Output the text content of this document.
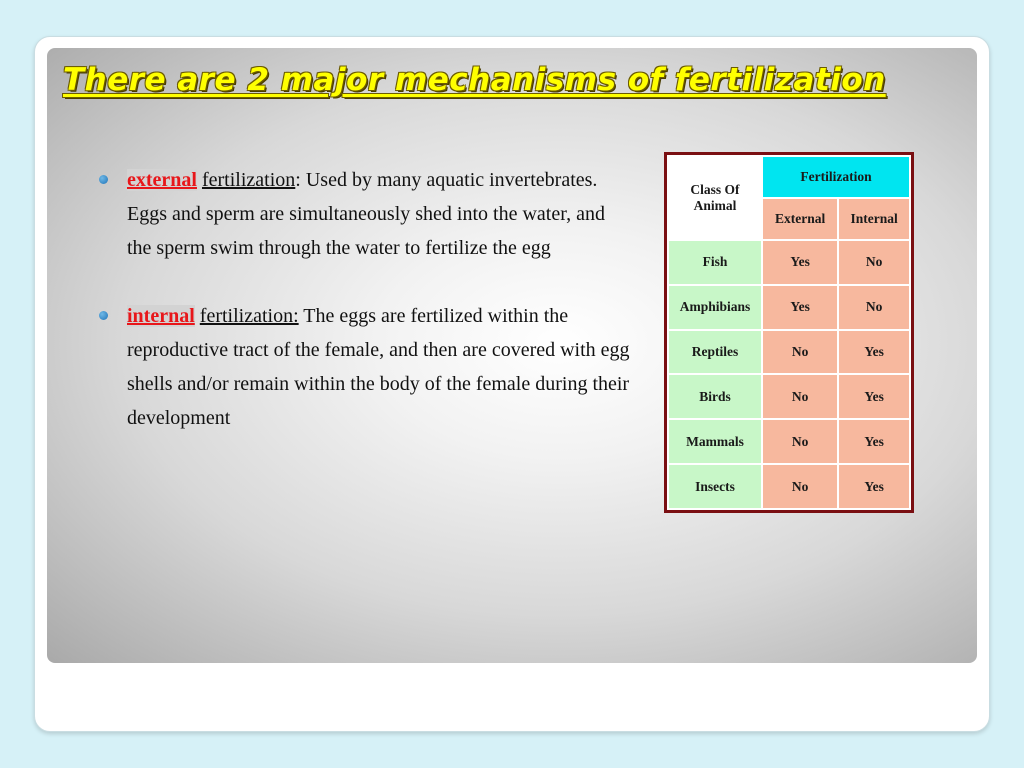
There are 2 major mechanisms of fertilization
external fertilization: Used by many aquatic invertebrates. Eggs and sperm are simultaneously shed into the water, and the sperm swim through the water to fertilize the egg
internal fertilization: The eggs are fertilized within the reproductive tract of the female, and then are covered with egg shells and/or remain within the body of the female during their development
Class Of Animal	Fertilization	
	External	Internal
Fish	Yes	No
Amphibians	Yes	No
Reptiles	No	Yes
Birds	No	Yes
Mammals	No	Yes
Insects	No	Yes
